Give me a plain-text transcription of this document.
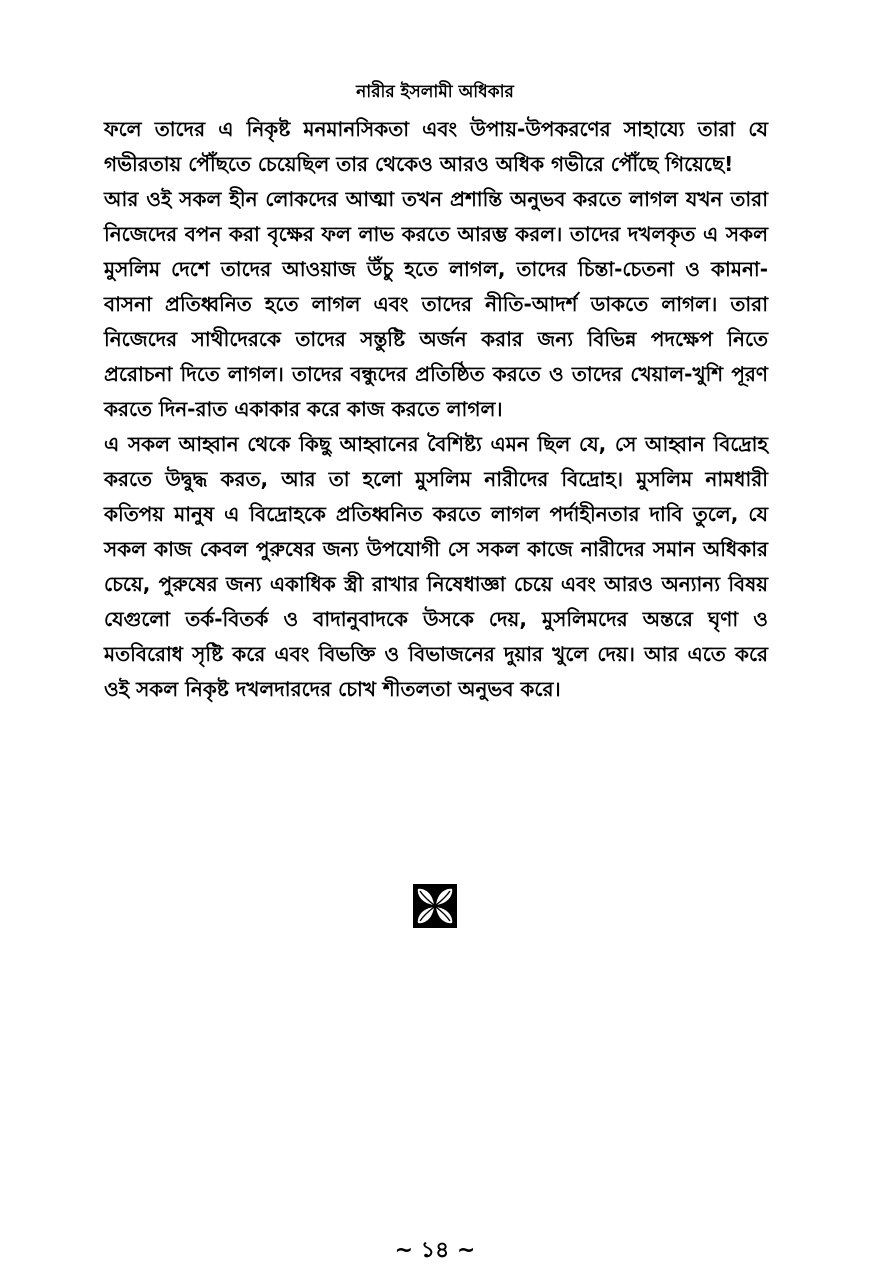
নারীর ইসলামী অধিকার

ফলে তাদের এ নিকৃষ্ট মনমানসিকতা এবং উপায়-উপকরণের সাহায্যে তারা যে গভীরতায় পৌঁছতে চেয়েছিল তার থেকেও আরও অধিক গভীরে পৌঁছে গিয়েছে!

আর ওই সকল হীন লোকদের আত্মা তখন প্রশান্তি অনুভব করতে লাগল যখন তারা নিজেদের বপন করা বৃক্ষের ফল লাভ করতে আরম্ভ করল। তাদের দখলকৃত এ সকল মুসলিম দেশে তাদের আওয়াজ উঁচু হতে লাগল, তাদের চিন্তা-চেতনা ও কামনা-বাসনা প্রতিধ্বনিত হতে লাগল এবং তাদের নীতি-আদর্শ ডাকতে লাগল। তারা নিজেদের সাথীদেরকে তাদের সন্তুষ্টি অর্জন করার জন্য বিভিন্ন পদক্ষেপ নিতে প্ররোচনা দিতে লাগল। তাদের বন্ধুদের প্রতিষ্ঠিত করতে ও তাদের খেয়াল-খুশি পূরণ করতে দিন-রাত একাকার করে কাজ করতে লাগল।

এ সকল আহ্বান থেকে কিছু আহ্বানের বৈশিষ্ট্য এমন ছিল যে, সে আহ্বান বিদ্রোহ করতে উদ্বুদ্ধ করত, আর তা হলো মুসলিম নারীদের বিদ্রোহ। মুসলিম নামধারী কতিপয় মানুষ এ বিদ্রোহকে প্রতিধ্বনিত করতে লাগল পর্দাহীনতার দাবি তুলে, যে সকল কাজ কেবল পুরুষের জন্য উপযোগী সে সকল কাজে নারীদের সমান অধিকার চেয়ে, পুরুষের জন্য একাধিক স্ত্রী রাখার নিষেধাজ্ঞা চেয়ে এবং আরও অন্যান্য বিষয় যেগুলো তর্ক-বিতর্ক ও বাদানুবাদকে উসকে দেয়, মুসলিমদের অন্তরে ঘৃণা ও মতবিরোধ সৃষ্টি করে এবং বিভক্তি ও বিভাজনের দুয়ার খুলে দেয়। আর এতে করে ওই সকল নিকৃষ্ট দখলদারদের চোখ শীতলতা অনুভব করে।

~ ১৪ ~
